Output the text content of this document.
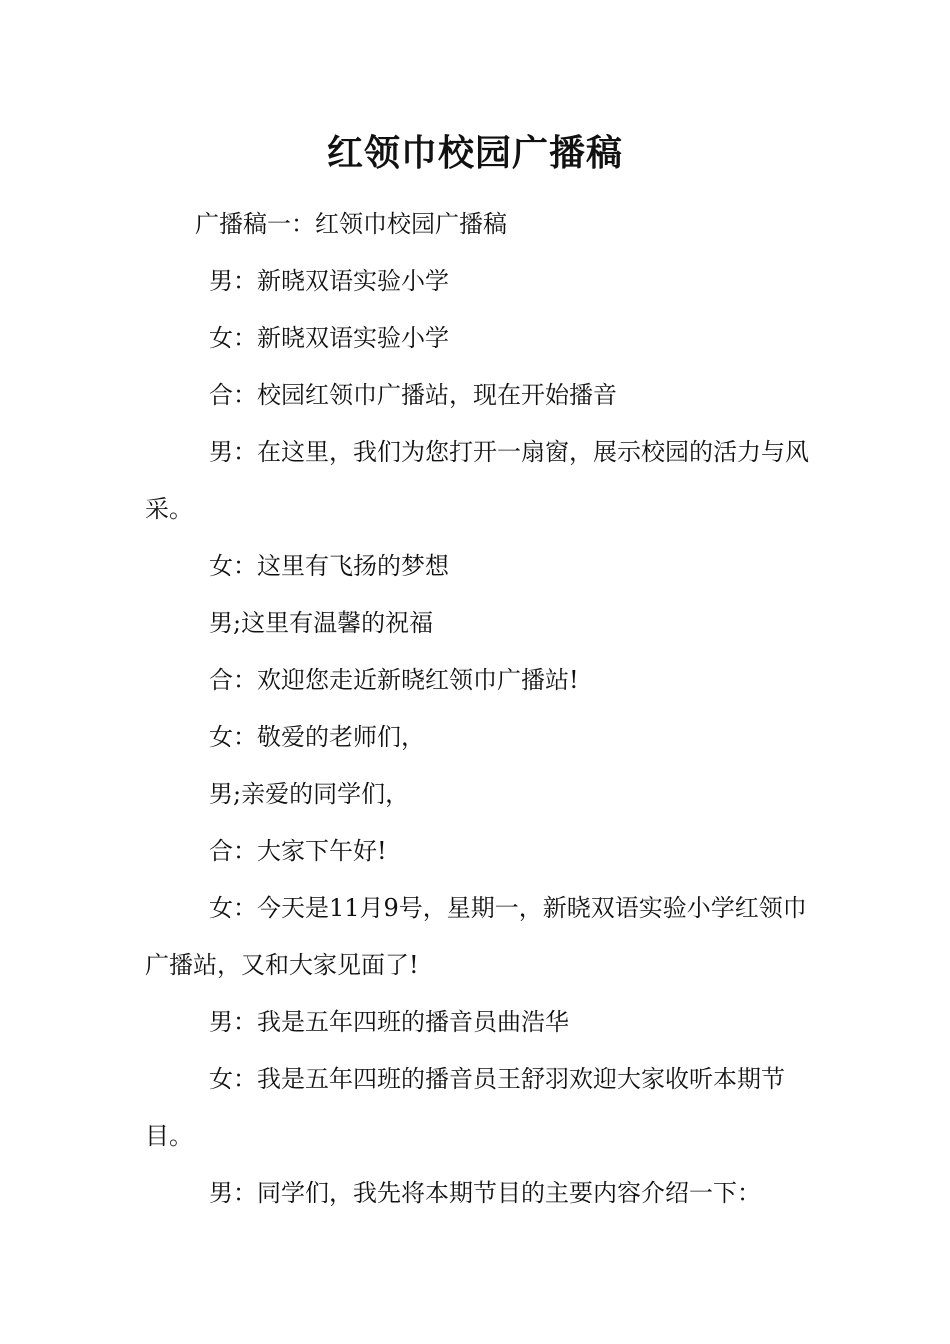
红领巾校园广播稿

广播稿一：红领巾校园广播稿

男：新晓双语实验小学

女：新晓双语实验小学

合：校园红领巾广播站，现在开始播音

男：在这里，我们为您打开一扇窗，展示校园的活力与风采。

女：这里有飞扬的梦想

男;这里有温馨的祝福

合：欢迎您走近新晓红领巾广播站!

女：敬爱的老师们，

男;亲爱的同学们，

合：大家下午好!

女：今天是11月9号，星期一，新晓双语实验小学红领巾广播站，又和大家见面了!

男：我是五年四班的播音员曲浩华

女：我是五年四班的播音员王舒羽欢迎大家收听本期节目。

男：同学们，我先将本期节目的主要内容介绍一下：
